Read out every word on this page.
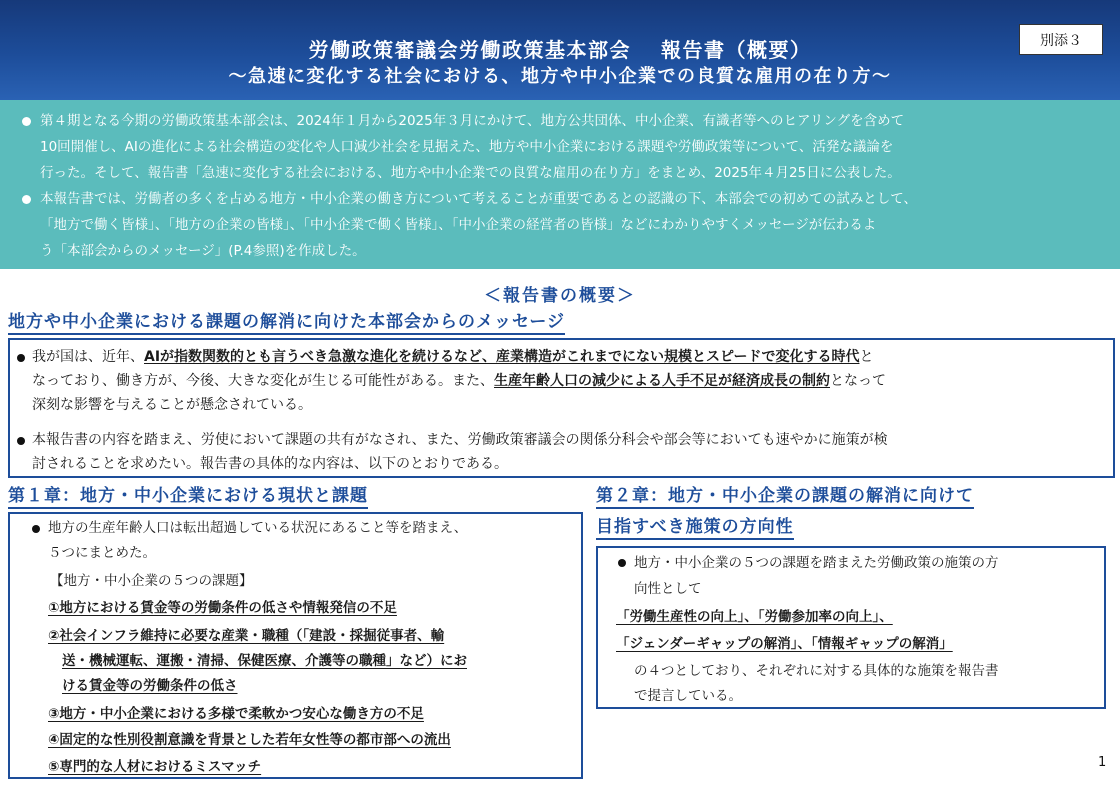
労働政策審議会労働政策基本部会　 報告書（概要）
～急速に変化する社会における、地方や中小企業での良質な雇用の在り方～
別添３
第４期となる今期の労働政策基本部会は、2024年１月から2025年３月にかけて、地方公共団体、中小企業、有識者等へのヒアリングを含めて
10回開催し、AIの進化による社会構造の変化や人口減少社会を見据えた、地方や中小企業における課題や労働政策等について、活発な議論を
行った。そして、報告書「急速に変化する社会における、地方や中小企業での良質な雇用の在り方」をまとめ、2025年４月25日に公表した。
本報告書では、労働者の多くを占める地方・中小企業の働き方について考えることが重要であるとの認識の下、本部会での初めての試みとして、
「地方で働く皆様」、「地方の企業の皆様」、「中小企業で働く皆様」、「中小企業の経営者の皆様」などにわかりやすくメッセージが伝わるよ
う「本部会からのメッセージ」(P.4参照)を作成した。
＜報告書の概要＞
地方や中小企業における課題の解消に向けた本部会からのメッセージ
我が国は、近年、AIが指数関数的とも言うべき急激な進化を続けるなど、産業構造がこれまでにない規模とスピードで変化する時代と
なっており、働き方が、今後、大きな変化が生じる可能性がある。また、生産年齢人口の減少による人手不足が経済成長の制約となって
深刻な影響を与えることが懸念されている。
本報告書の内容を踏まえ、労使において課題の共有がなされ、また、労働政策審議会の関係分科会や部会等においても速やかに施策が検
討されることを求めたい。報告書の具体的な内容は、以下のとおりである。
第１章：地方・中小企業における現状と課題
地方の生産年齢人口は転出超過している状況にあること等を踏まえ、
５つにまとめた。
【地方・中小企業の５つの課題】
①地方における賃金等の労働条件の低さや情報発信の不足
②社会インフラ維持に必要な産業・職種（「建設・採掘従事者、輸
送・機械運転、運搬・清掃、保健医療、介護等の職種」など）にお
ける賃金等の労働条件の低さ
③地方・中小企業における多様で柔軟かつ安心な働き方の不足
④固定的な性別役割意識を背景とした若年女性等の都市部への流出
⑤専門的な人材におけるミスマッチ
第２章：地方・中小企業の課題の解消に向けて
目指すべき施策の方向性
地方・中小企業の５つの課題を踏まえた労働政策の施策の方
向性として
「労働生産性の向上」、「労働参加率の向上」、
「ジェンダーギャップの解消」、「情報ギャップの解消」
の４つとしており、それぞれに対する具体的な施策を報告書
で提言している。
1
